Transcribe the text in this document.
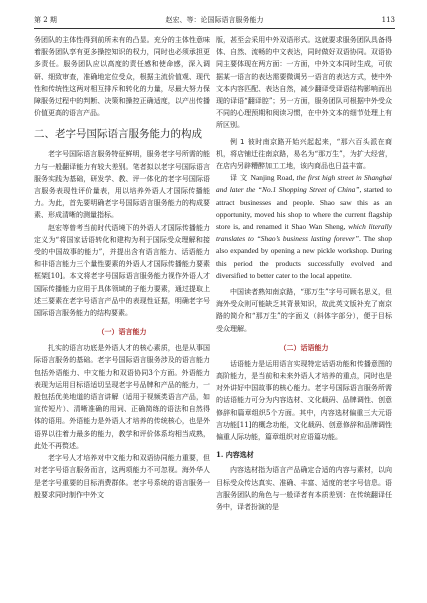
第 2 期	赵宏、等：论国际语言服务能力	113

务团队的主体性得到前所未有的凸显。充分的主体性意味着服务团队享有更多操控知识的权力，同时也必须承担更多责任。服务团队应以高度的责任感和使命感，深入调研、细致审查，准确地定位受众，根据主流价值观、现代性和传统性这两对相互排斥和转化的力量，尽最大努力保障服务过程中的判断、决策和操控正确适度，以产出传播价值更高的语言产品。

二、老字号国际语言服务能力的构成

老字号国际语言服务特征鲜明，服务老字号所需的能力与一般翻译能力有较大差别。笔者拟以老字号国际语言服务实践为基础，研发学、教、评一体化的老字号国际语言服务表现性评价量表，用以培养外语人才国际传播能力。为此，首先要明确老字号国际语言服务能力的构成要素、形成清晰的测量指标。

赵宏等曾考当前时代语境下的外语人才国际传播能力定义为“将国家话语转化和建构为利于国际受众理解和接受的中国故事的能力”，并提出含有语言能力、话语能力和非语言能力三个量性要素的外语人才国际传播能力要素框架[10]。本文将老字号国际语言服务能力视作外语人才国际传播能力应用于具体领域的子能力要素，通过提取上述三要素在老字号语言产品中的表现性证据，明确老字号国际语言服务能力的结构要素。

（一）语言能力

扎实的语言功底是外语人才的核心素质，也是从事国际语言服务的基础。老字号国际语言服务涉及的语言能力包括外语能力、中文能力和双语协同3个方面。外语能力表现为运用目标语适切呈现老字号品牌和产品的能力，一般包括优美地道的语言讲解（适用于视频类语言产品，如宣传短片）、清晰准确的用词、正确简练的语法和自然得体的语用。外语能力是外语人才培养的传统核心，也是外语界以往着力最多的能力，教学和评价体系均相当成熟，此处不再赘述。

老字号人才培养对中文能力和双语协同能力重要，但对老字号语言服务而言，这两项能力不可忽视。海外华人是老字号重要的目标消费群体。老字号系统的语言服务一般要求同时制作中外文

版，甚至会采用中外双语形式。这就要求服务团队具备得体、自然、流畅的中文表达，同时做好双语协同。双语协同主要体现在两方面：一方面，中外文本同时生成，可依据某一语言的表达需要微调另一语言的表达方式，使中外文本内容匹配、表达自然，减少翻译受译语结构影响而出现的译语“翻译腔”；另一方面，服务团队可根据中外受众不同的心理预期和阅读习惯，在中外文本的细节处理上有所区别。

例 1 彼时南京路开始兴起起来，“那六百头派在商机，将店铺迁往南京路，易名为“那万生”，为扩大经营，在店内另辟糟醉加工工地，该内商品也日益丰富。

译 文 Nanjing Road, the first high street in Shanghai and later the “No.1 Shopping Street of China”, started to attract businesses and people. Shao saw this as an opportunity, moved his shop to where the current flagship store is, and renamed it Shao Wan Sheng, which literally translates to “Shao’s business lasting forever”. The shop also expanded by opening a new pickle workshop. During this period the products successfully evolved and diversified to better cater to the local appetite.

中国读者熟知南京路，“那万生”字号可顾名思义，但海外受众则可能缺乏其背景知识，故此英文版补充了南京路的简介和“那万生”的字面义（斜体字部分），便于目标受众理解。

（二）话语能力

话语能力是运用语言实现特定话语功能和传播意图的高阶能力，是当前和未来外语人才培养的重点，同时也是对外讲好中国故事的核心能力。老字号国际语言服务所需的话语能力可分为内容选材、文化载码、品牌调性、创意修辞和篇章组织5个方面。其中，内容选材偏重三大元语言功能[11]的概念功能，文化载码、创意修辞和品牌调性偏重人际功能，篇章组织对应语篇功能。

1. 内容选材

内容选材指为语言产品确定合适的内容与素材，以向目标受众传达真实、准确、丰富、适度的老字号信息。语言服务团队的角色与一般译者有本质差别：在传统翻译任务中，译者扮演的是
